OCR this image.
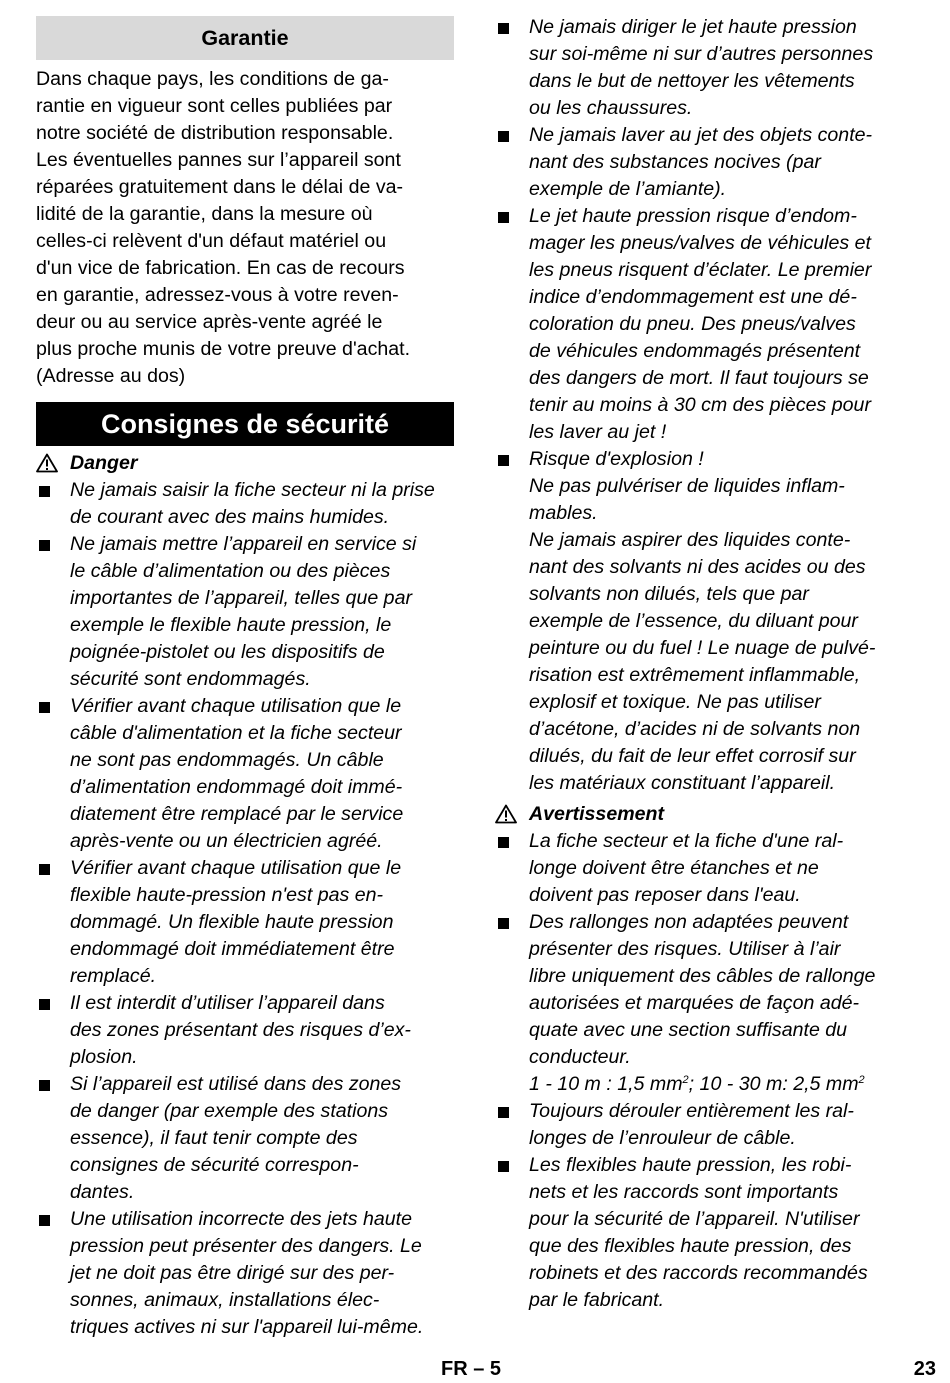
Garantie

Dans chaque pays, les conditions de ga-
rantie en vigueur sont celles publiées par
notre société de distribution responsable.
Les éventuelles pannes sur l’appareil sont
réparées gratuitement dans le délai de va-
lidité de la garantie, dans la mesure où
celles-ci relèvent d'un défaut matériel ou
d'un vice de fabrication. En cas de recours
en garantie, adressez-vous à votre reven-
deur ou au service après-vente agréé le
plus proche munis de votre preuve d'achat.
(Adresse au dos)

Consignes de sécurité
Danger
Ne jamais saisir la fiche secteur ni la prise
de courant avec des mains humides.
Ne jamais mettre l’appareil en service si
le câble d’alimentation ou des pièces
importantes de l’appareil, telles que par
exemple le flexible haute pression, le
poignée-pistolet ou les dispositifs de
sécurité sont endommagés.
Vérifier avant chaque utilisation que le
câble d'alimentation et la fiche secteur
ne sont pas endommagés. Un câble
d’alimentation endommagé doit immé-
diatement être remplacé par le service
après-vente ou un électricien agréé.
Vérifier avant chaque utilisation que le
flexible haute-pression n'est pas en-
dommagé. Un flexible haute pression
endommagé doit immédiatement être
remplacé.
Il est interdit d’utiliser l’appareil dans
des zones présentant des risques d’ex-
plosion.
Si l’appareil est utilisé dans des zones
de danger (par exemple des stations
essence), il faut tenir compte des
consignes de sécurité correspon-
dantes.
Une utilisation incorrecte des jets haute
pression peut présenter des dangers. Le
jet ne doit pas être dirigé sur des per-
sonnes, animaux, installations élec-
triques actives ni sur l'appareil lui-même.
Ne jamais diriger le jet haute pression
sur soi-même ni sur d’autres personnes
dans le but de nettoyer les vêtements
ou les chaussures.
Ne jamais laver au jet des objets conte-
nant des substances nocives (par
exemple de l’amiante).
Le jet haute pression risque d’endom-
mager les pneus/valves de véhicules et
les pneus risquent d’éclater. Le premier
indice d’endommagement est une dé-
coloration du pneu. Des pneus/valves
de véhicules endommagés présentent
des dangers de mort. Il faut toujours se
tenir au moins à 30 cm des pièces pour
les laver au jet !
Risque d'explosion !
Ne pas pulvériser de liquides inflam-
mables.
Ne jamais aspirer des liquides conte-
nant des solvants ni des acides ou des
solvants non dilués, tels que par
exemple de l’essence, du diluant pour
peinture ou du fuel ! Le nuage de pulvé-
risation est extrêmement inflammable,
explosif et toxique. Ne pas utiliser
d’acétone, d’acides ni de solvants non
dilués, du fait de leur effet corrosif sur
les matériaux constituant l’appareil.
Avertissement
La fiche secteur et la fiche d'une ral-
longe doivent être étanches et ne
doivent pas reposer dans l'eau.
Des rallonges non adaptées peuvent
présenter des risques. Utiliser à l’air
libre uniquement des câbles de rallonge
autorisées et marquées de façon adé-
quate avec une section suffisante du
conducteur.
1 - 10 m : 1,5 $mm^2$; 10 - 30 m: 2,5 $mm^2$
Toujours dérouler entièrement les ral-
longes de l’enrouleur de câble.
Les flexibles haute pression, les robi-
nets et les raccords sont importants
pour la sécurité de l’appareil. N'utiliser
que des flexibles haute pression, des
robinets et des raccords recommandés
par le fabricant.
FR – 5	23
